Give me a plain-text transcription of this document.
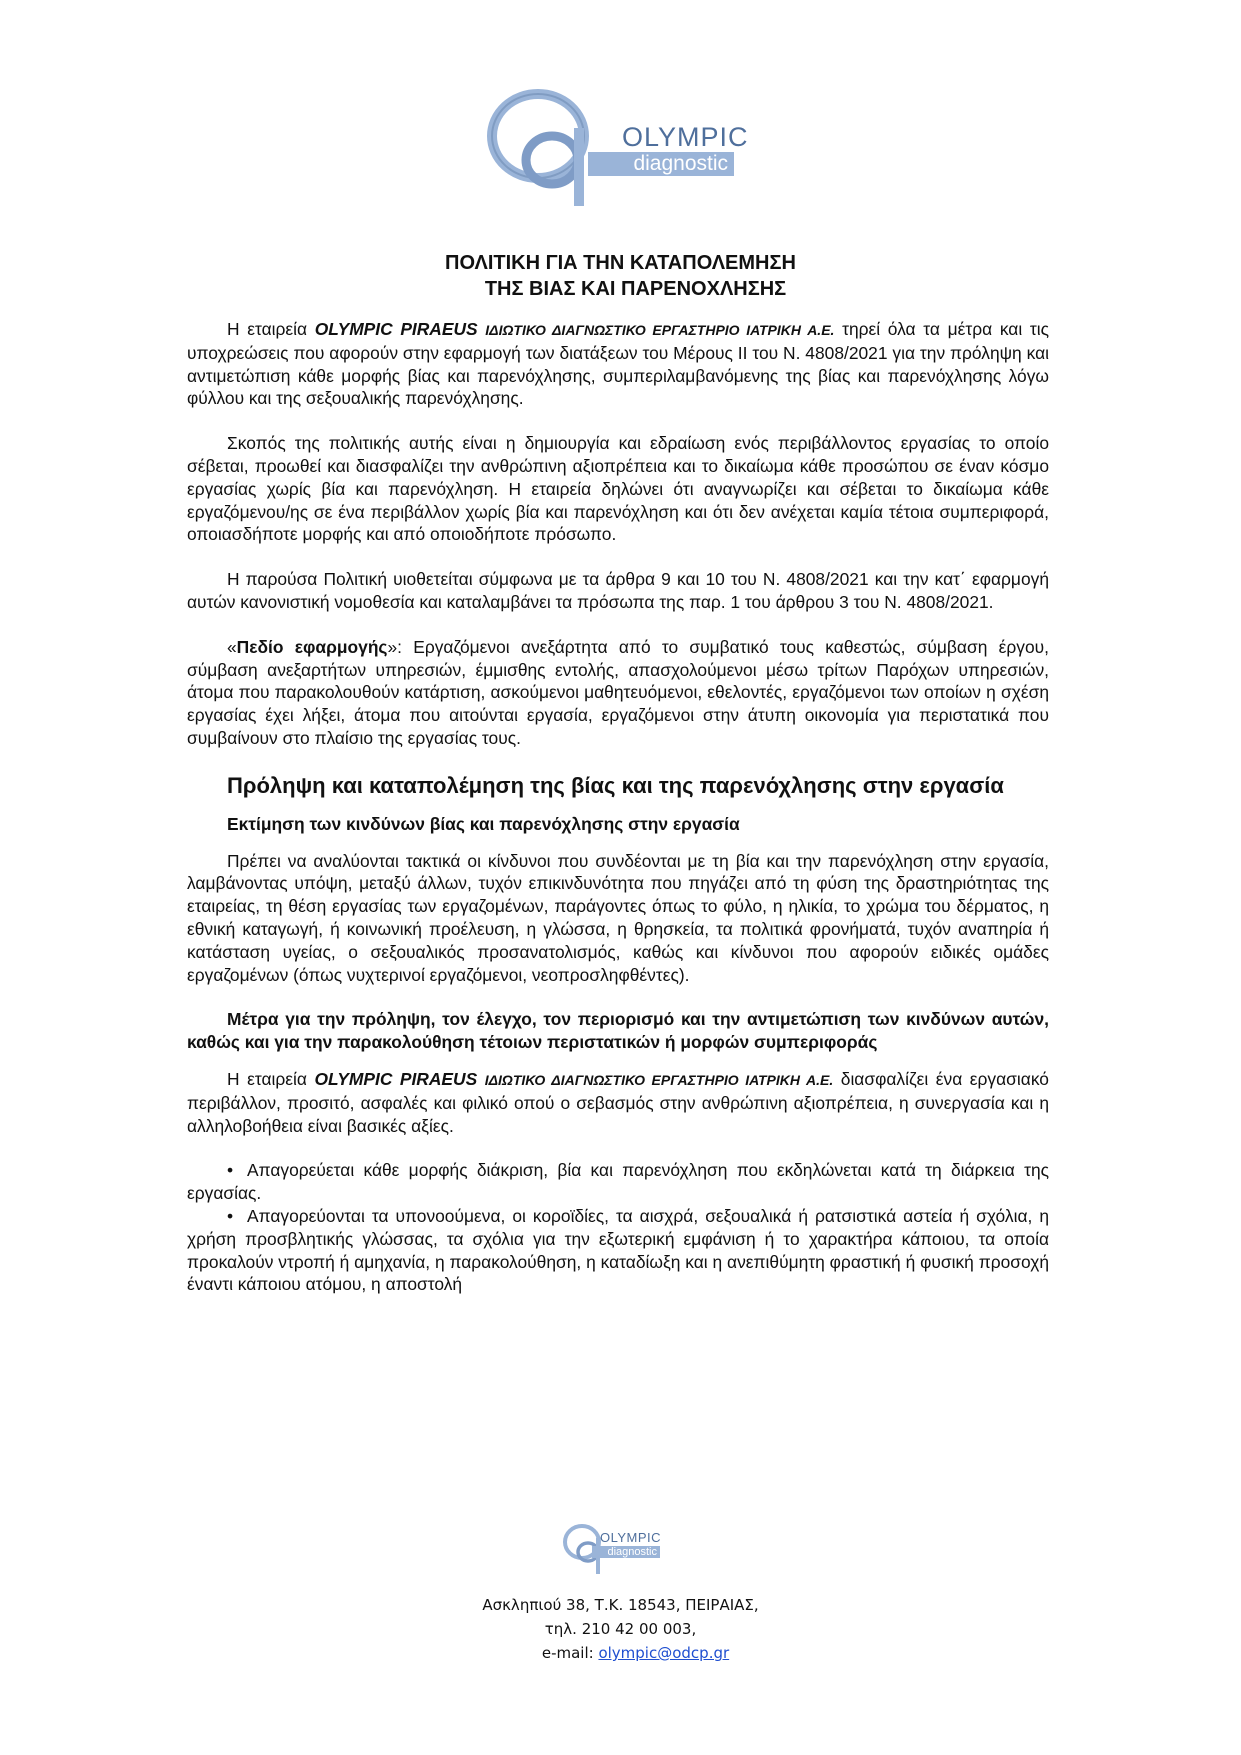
OLYMPIC
diagnostic
ΠΟΛΙΤΙΚΗ ΓΙΑ ΤΗΝ ΚΑΤΑΠΟΛΕΜΗΣΗ
ΤΗΣ ΒΙΑΣ ΚΑΙ ΠΑΡΕΝΟΧΛΗΣΗΣ

Η εταιρεία OLYMPIC PIRAEUS ΙΔΙΩΤΙΚΟ ΔΙΑΓΝΩΣΤΙΚΟ ΕΡΓΑΣΤΗΡΙΟ ΙΑΤΡΙΚΗ Α.Ε. τηρεί όλα τα μέτρα και τις υποχρεώσεις που αφορούν στην εφαρμογή των διατάξεων του Μέρους ΙΙ του Ν. 4808/2021 για την πρόληψη και αντιμετώπιση κάθε μορφής βίας και παρενόχλησης, συμπεριλαμβανόμενης της βίας και παρενόχλησης λόγω φύλλου και της σεξουαλικής παρενόχλησης.

Σκοπός της πολιτικής αυτής είναι η δημιουργία και εδραίωση ενός περιβάλλοντος εργασίας το οποίο σέβεται, προωθεί και διασφαλίζει την ανθρώπινη αξιοπρέπεια και το δικαίωμα κάθε προσώπου σε έναν κόσμο εργασίας χωρίς βία και παρενόχληση. Η εταιρεία δηλώνει ότι αναγνωρίζει και σέβεται το δικαίωμα κάθε εργαζόμενου/ης σε ένα περιβάλλον χωρίς βία και παρενόχληση και ότι δεν ανέχεται καμία τέτοια συμπεριφορά, οποιασδήποτε μορφής και από οποιοδήποτε πρόσωπο.

Η παρούσα Πολιτική υιοθετείται σύμφωνα με τα άρθρα 9 και 10 του Ν. 4808/2021 και την κατ΄ εφαρμογή αυτών κανονιστική νομοθεσία και καταλαμβάνει τα πρόσωπα της παρ. 1 του άρθρου 3 του Ν. 4808/2021.

«Πεδίο εφαρμογής»: Εργαζόμενοι ανεξάρτητα από το συμβατικό τους καθεστώς, σύμβαση έργου, σύμβαση ανεξαρτήτων υπηρεσιών, έμμισθης εντολής, απασχολούμενοι μέσω τρίτων Παρόχων υπηρεσιών, άτομα που παρακολουθούν κατάρτιση, ασκούμενοι μαθητευόμενοι, εθελοντές, εργαζόμενοι των οποίων η σχέση εργασίας έχει λήξει, άτομα που αιτούνται εργασία, εργαζόμενοι στην άτυπη οικονομία για περιστατικά που συμβαίνουν στο πλαίσιο της εργασίας τους.

Πρόληψη και καταπολέμηση της βίας και της παρενόχλησης στην εργασία

Εκτίμηση των κινδύνων βίας και παρενόχλησης στην εργασία

Πρέπει να αναλύονται τακτικά οι κίνδυνοι που συνδέονται με τη βία και την παρενόχληση στην εργασία, λαμβάνοντας υπόψη, μεταξύ άλλων, τυχόν επικινδυνότητα που πηγάζει από τη φύση της δραστηριότητας της εταιρείας, τη θέση εργασίας των εργαζομένων, παράγοντες όπως το φύλο, η ηλικία, το χρώμα του δέρματος, η εθνική καταγωγή, ή κοινωνική προέλευση, η γλώσσα, η θρησκεία, τα πολιτικά φρονήματά, τυχόν αναπηρία ή κατάσταση υγείας, ο σεξουαλικός προσανατολισμός, καθώς και κίνδυνοι που αφορούν ειδικές ομάδες εργαζομένων (όπως νυχτερινοί εργαζόμενοι, νεοπροσληφθέντες).

Μέτρα για την πρόληψη, τον έλεγχο, τον περιορισμό και την αντιμετώπιση των κινδύνων αυτών, καθώς και για την παρακολούθηση τέτοιων περιστατικών ή μορφών συμπεριφοράς

Η εταιρεία OLYMPIC PIRAEUS ΙΔΙΩΤΙΚΟ ΔΙΑΓΝΩΣΤΙΚΟ ΕΡΓΑΣΤΗΡΙΟ ΙΑΤΡΙΚΗ Α.Ε. διασφαλίζει ένα εργασιακό περιβάλλον, προσιτό, ασφαλές και φιλικό οπού ο σεβασμός στην ανθρώπινη αξιοπρέπεια, η συνεργασία και η αλληλοβοήθεια είναι βασικές αξίες.

• Απαγορεύεται κάθε μορφής διάκριση, βία και παρενόχληση που εκδηλώνεται κατά τη διάρκεια της εργασίας.

• Απαγορεύονται τα υπονοούμενα, οι κοροϊδίες, τα αισχρά, σεξουαλικά ή ρατσιστικά αστεία ή σχόλια, η χρήση προσβλητικής γλώσσας, τα σχόλια για την εξωτερική εμφάνιση ή το χαρακτήρα κάποιου, τα οποία προκαλούν ντροπή ή αμηχανία, η παρακολούθηση, η καταδίωξη και η ανεπιθύμητη φραστική ή φυσική προσοχή έναντι κάποιου ατόμου, η αποστολή

OLYMPIC
diagnostic
Ασκληπιού 38, Τ.Κ. 18543, ΠΕΙΡΑΙΑΣ,
τηλ. 210 42 00 003,
e-mail: olympic@odcp.gr
